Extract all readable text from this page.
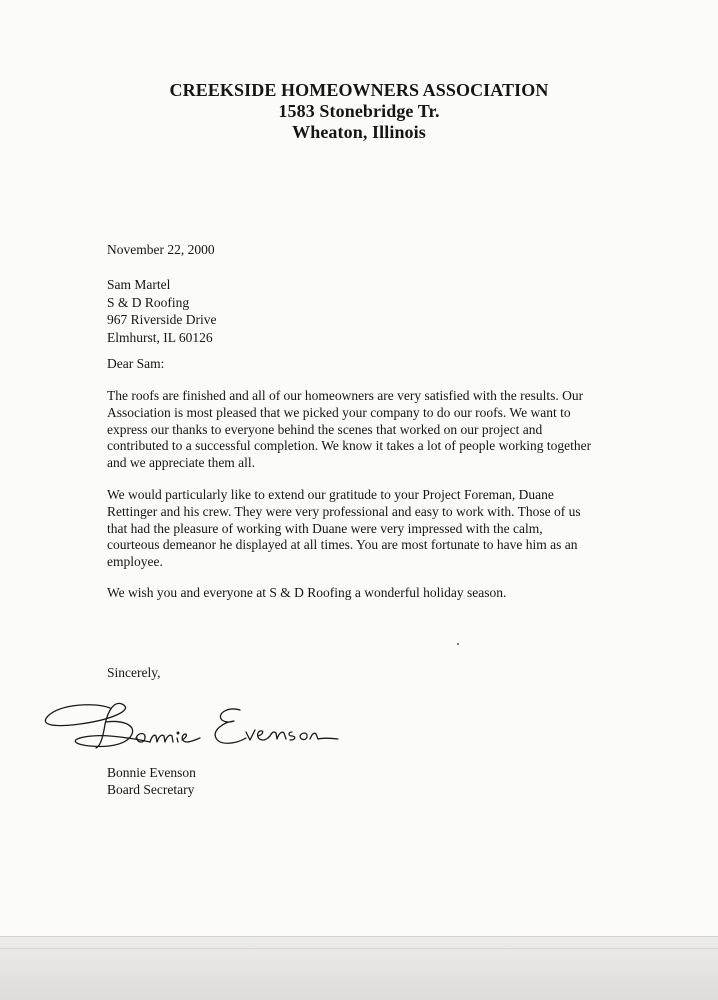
CREEKSIDE HOMEOWNERS ASSOCIATION
1583 Stonebridge Tr.
Wheaton, Illinois
November 22, 2000
Sam Martel
S & D Roofing
967 Riverside Drive
Elmhurst, IL 60126
Dear Sam:
The roofs are finished and all of our homeowners are very satisfied with the results. Our
Association is most pleased that we picked your company to do our roofs. We want to
express our thanks to everyone behind the scenes that worked on our project and
contributed to a successful completion. We know it takes a lot of people working together
and we appreciate them all.
We would particularly like to extend our gratitude to your Project Foreman, Duane
Rettinger and his crew. They were very professional and easy to work with. Those of us
that had the pleasure of working with Duane were very impressed with the calm,
courteous demeanor he displayed at all times. You are most fortunate to have him as an
employee.
We wish you and everyone at S & D Roofing a wonderful holiday season.
Sincerely,
Bonnie Evenson
Board Secretary
